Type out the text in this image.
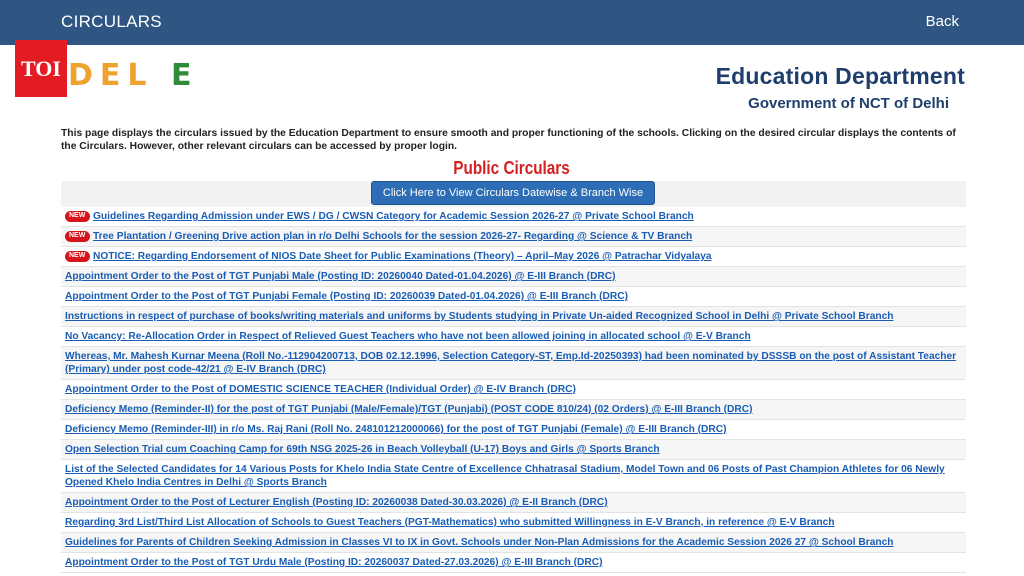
CIRCULARS	Back
TOI DEL E	Education Department
Government of NCT of Delhi
This page displays the circulars issued by the Education Department to ensure smooth and proper functioning of the schools. Clicking on the desired circular displays the contents of the Circulars. However, other relevant circulars can be accessed by proper login.
Public Circulars
Click Here to View Circulars Datewise & Branch Wise
NEW
Guidelines Regarding Admission under EWS / DG / CWSN Category for Academic Session 2026-27 @ Private School Branch
NEW
Tree Plantation / Greening Drive action plan in r/o Delhi Schools for the session 2026-27- Regarding @ Science & TV Branch
NEW
NOTICE: Regarding Endorsement of NIOS Date Sheet for Public Examinations (Theory) – April–May 2026 @ Patrachar Vidyalaya
Appointment Order to the Post of TGT Punjabi Male (Posting ID: 20260040 Dated-01.04.2026) @ E-III Branch (DRC)
Appointment Order to the Post of TGT Punjabi Female (Posting ID: 20260039 Dated-01.04.2026) @ E-III Branch (DRC)
Instructions in respect of purchase of books/writing materials and uniforms by Students studying in Private Un-aided Recognized School in Delhi @ Private School Branch
No Vacancy: Re-Allocation Order in Respect of Relieved Guest Teachers who have not been allowed joining in allocated school @ E-V Branch
Whereas, Mr. Mahesh Kurnar Meena (Roll No.-112904200713, DOB 02.12.1996, Selection Category-ST, Emp.Id-20250393) had been nominated by DSSSB on the post of Assistant Teacher (Primary) under post code-42/21 @ E-IV Branch (DRC)
Appointment Order to the Post of DOMESTIC SCIENCE TEACHER (Individual Order) @ E-IV Branch (DRC)
Deficiency Memo (Reminder-II) for the post of TGT Punjabi (Male/Female)/TGT (Punjabi) (POST CODE 810/24) (02 Orders) @ E-III Branch (DRC)
Deficiency Memo (Reminder-III) in r/o Ms. Raj Rani (Roll No. 248101212000066) for the post of TGT Punjabi (Female) @ E-III Branch (DRC)
Open Selection Trial cum Coaching Camp for 69th NSG 2025-26 in Beach Volleyball (U-17) Boys and Girls @ Sports Branch
List of the Selected Candidates for 14 Various Posts for Khelo India State Centre of Excellence Chhatrasal Stadium, Model Town and 06 Posts of Past Champion Athletes for 06 Newly Opened Khelo India Centres in Delhi @ Sports Branch
Appointment Order to the Post of Lecturer English (Posting ID: 20260038 Dated-30.03.2026) @ E-II Branch (DRC)
Regarding 3rd List/Third List Allocation of Schools to Guest Teachers (PGT-Mathematics) who submitted Willingness in E-V Branch, in reference @ E-V Branch
Guidelines for Parents of Children Seeking Admission in Classes VI to IX in Govt. Schools under Non-Plan Admissions for the Academic Session 2026 27 @ School Branch
Appointment Order to the Post of TGT Urdu Male (Posting ID: 20260037 Dated-27.03.2026) @ E-III Branch (DRC)
